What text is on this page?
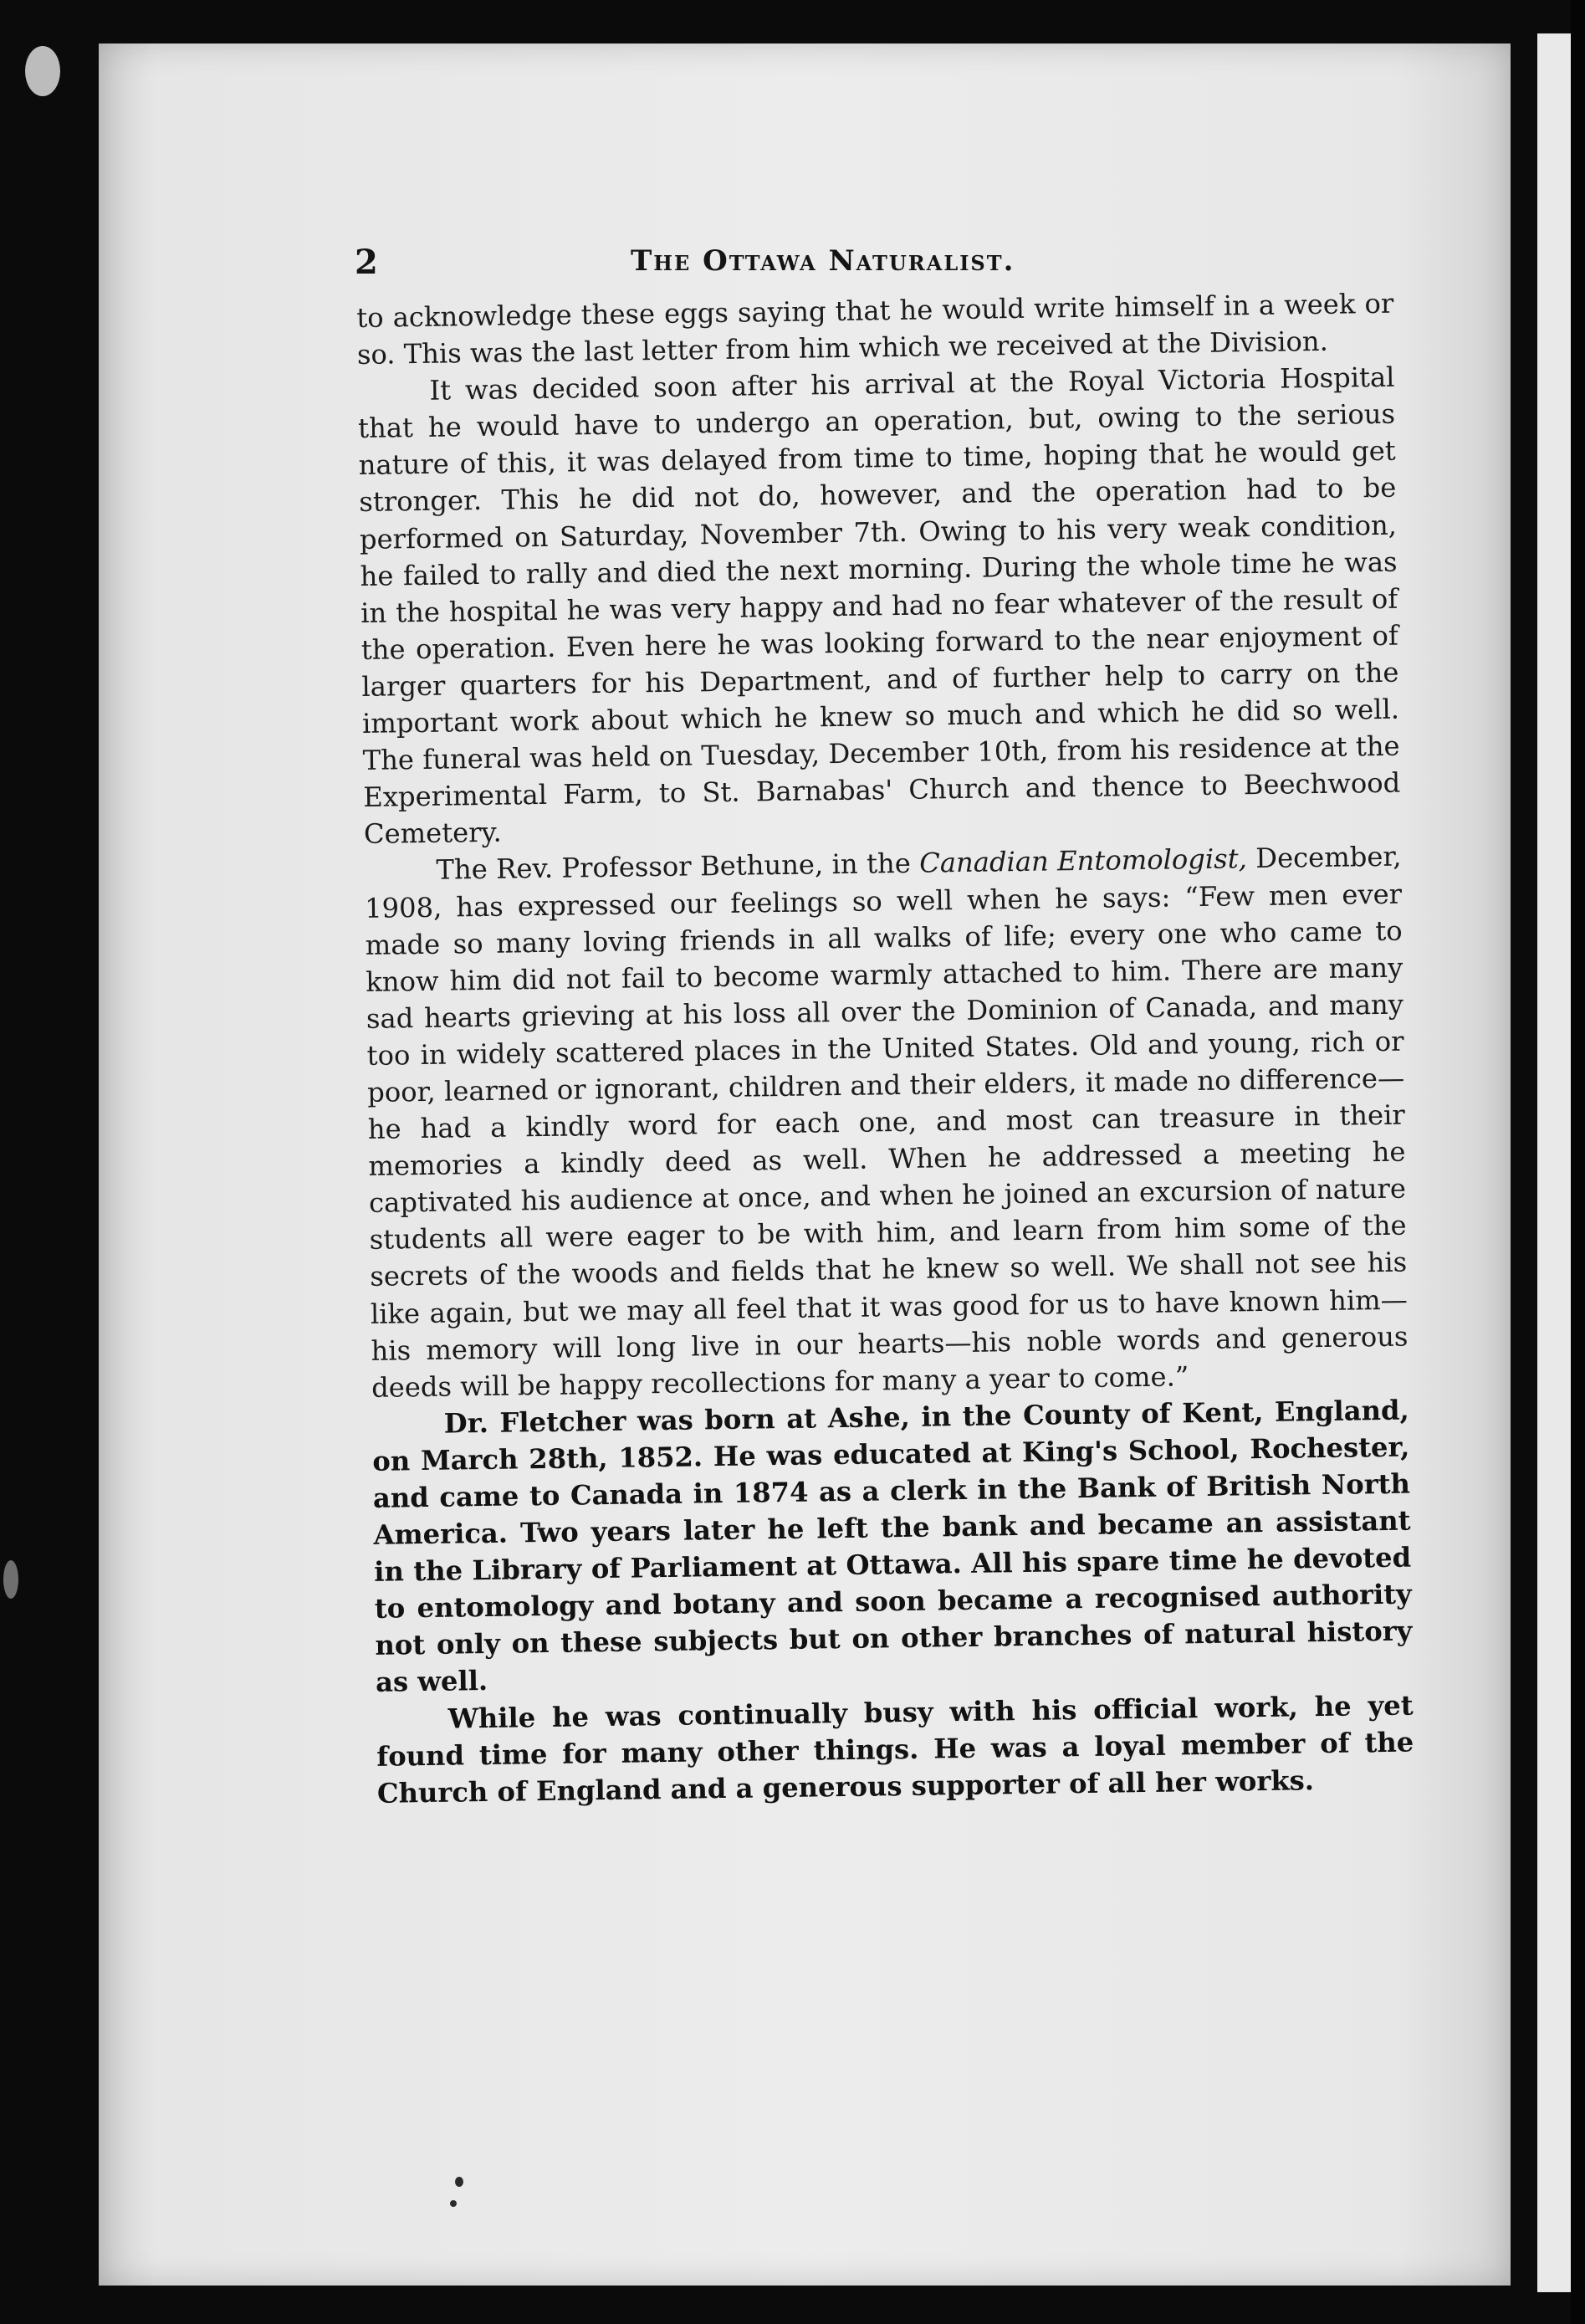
2	The Ottawa Naturalist.

to acknowledge these eggs saying that he would write himself in a week or so. This was the last letter from him which we received at the Division.

It was decided soon after his arrival at the Royal Victoria Hospital that he would have to undergo an operation, but, owing to the serious nature of this, it was delayed from time to time, hoping that he would get stronger. This he did not do, however, and the operation had to be performed on Saturday, November 7th. Owing to his very weak condition, he failed to rally and died the next morning. During the whole time he was in the hospital he was very happy and had no fear whatever of the result of the operation. Even here he was looking forward to the near enjoyment of larger quarters for his Department, and of further help to carry on the important work about which he knew so much and which he did so well. The funeral was held on Tuesday, December 10th, from his residence at the Experimental Farm, to St. Barnabas' Church and thence to Beechwood Cemetery.

The Rev. Professor Bethune, in the Canadian Entomologist, December, 1908, has expressed our feelings so well when he says: “Few men ever made so many loving friends in all walks of life; every one who came to know him did not fail to become warmly attached to him. There are many sad hearts grieving at his loss all over the Dominion of Canada, and many too in widely scattered places in the United States. Old and young, rich or poor, learned or ignorant, children and their elders, it made no difference—he had a kindly word for each one, and most can treasure in their memories a kindly deed as well. When he addressed a meeting he captivated his audience at once, and when he joined an excursion of nature students all were eager to be with him, and learn from him some of the secrets of the woods and fields that he knew so well. We shall not see his like again, but we may all feel that it was good for us to have known him—his memory will long live in our hearts—his noble words and generous deeds will be happy recollections for many a year to come.”

Dr. Fletcher was born at Ashe, in the County of Kent, England, on March 28th, 1852. He was educated at King's School, Rochester, and came to Canada in 1874 as a clerk in the Bank of British North America. Two years later he left the bank and became an assistant in the Library of Parliament at Ottawa. All his spare time he devoted to entomology and botany and soon became a recognised authority not only on these subjects but on other branches of natural history as well.

While he was continually busy with his official work, he yet found time for many other things. He was a loyal member of the Church of England and a generous supporter of all her works.
